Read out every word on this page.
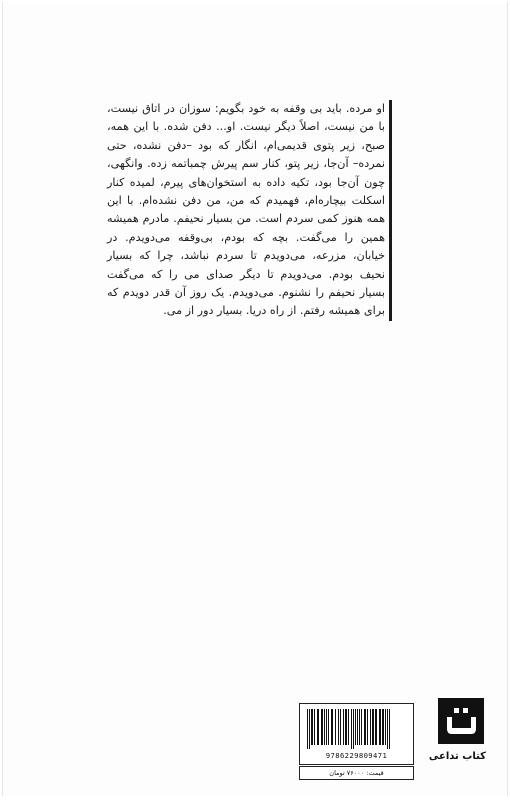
او مرده. باید بی وقفه به خود بگویم: سوزان در اتاق نیست، با من نیست، اصلاً دیگر نیست. او... دفن شده. با این همه، صبح، زیر پتوی قدیمی‌ام، انگار که بود –دفن نشده، حتی نمرده– آن‌جا، زیر پتو، کنار سم پیرش چمباتمه زده. وانگهی، چون آن‌جا بود، تکیه داده به استخوان‌های پیرم، لمیده کنار اسکلت بیچاره‌ام، فهمیدم که من، من دفن نشده‌ام. با این همه هنوز کمی سردم است. من بسیار نحیفم. مادرم همیشه همین را می‌گفت. بچه که بودم، بی‌وقفه می‌دویدم. در خیابان، مزرعه، می‌دویدم تا سردم نباشد، چرا که بسیار نحیف بودم. می‌دویدم تا دیگر صدای می را که می‌گفت بسیار نحیفم را نشنوم. می‌دویدم. یک روز آن قدر دویدم که برای همیشه رفتم. از راه دریا. بسیار دور از می.

9786229809471
قیمت: ۷۶۰۰۰ تومان
کتاب تداعی
